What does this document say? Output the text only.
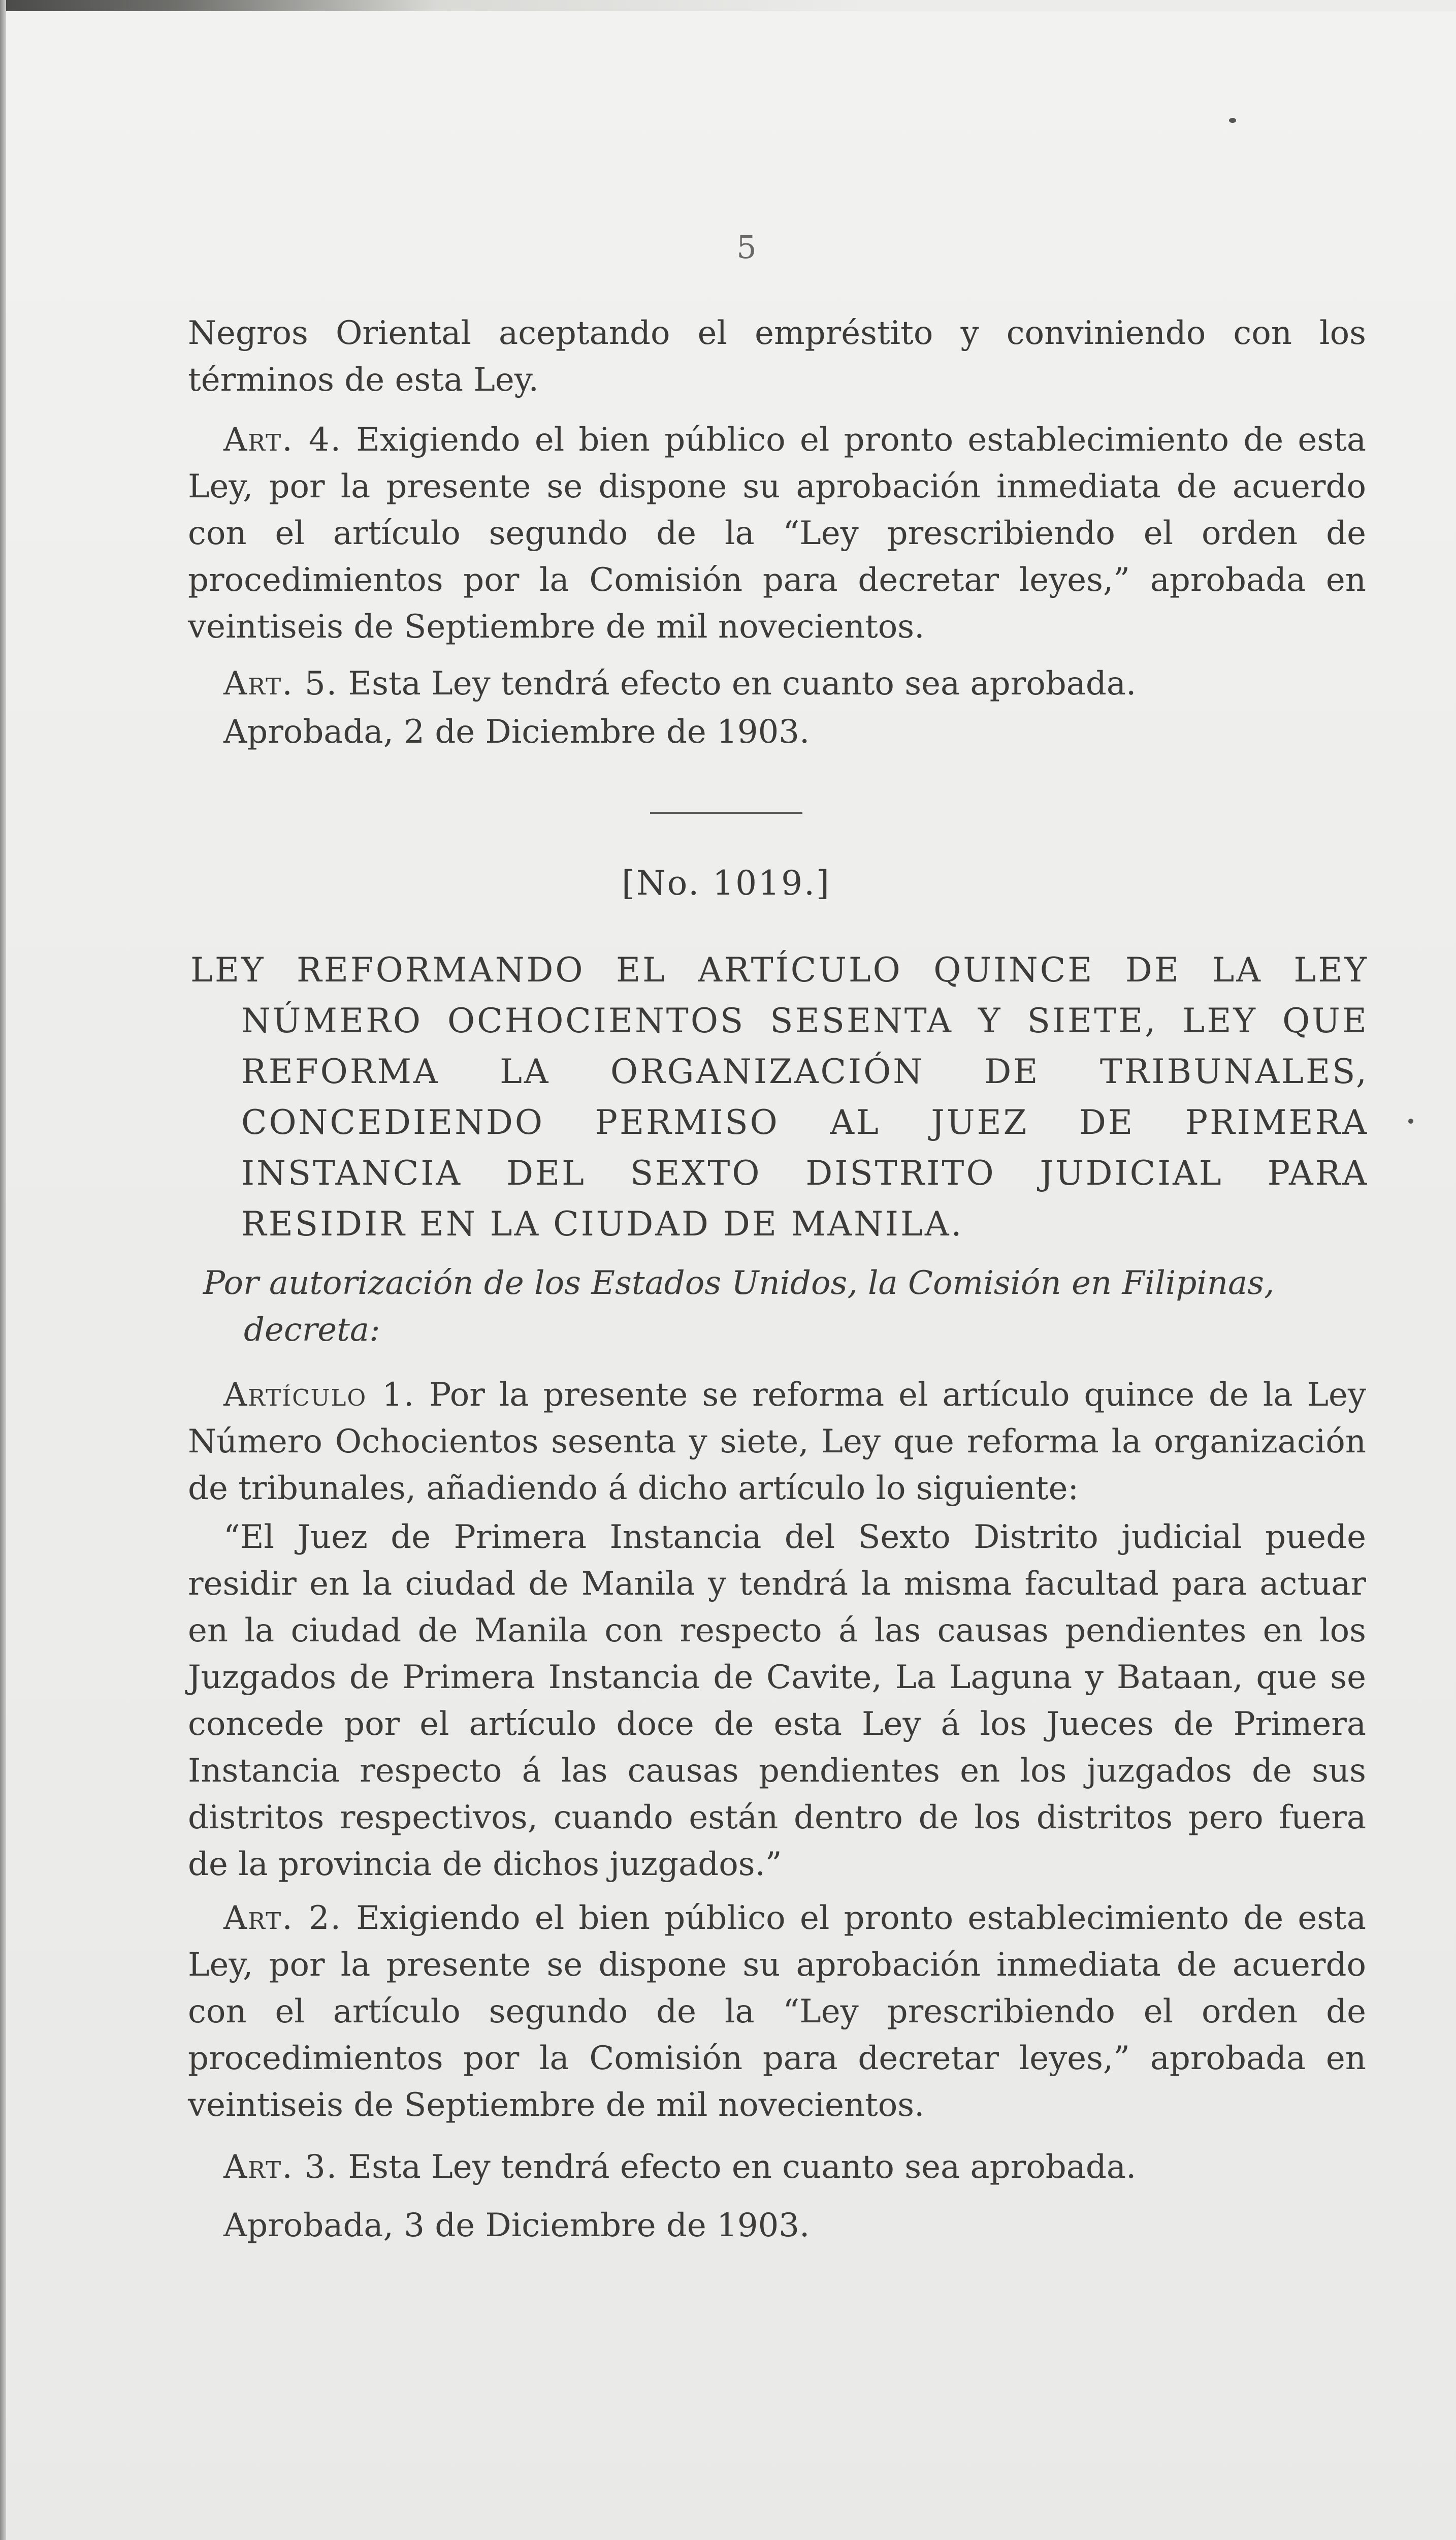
5

Negros Oriental aceptando el empréstito y conviniendo con los términos de esta Ley.

Art. 4. Exigiendo el bien público el pronto establecimiento de esta Ley, por la presente se dispone su aprobación inmediata de acuerdo con el artículo segundo de la “Ley prescribiendo el orden de procedimientos por la Comisión para decretar leyes,” aprobada en veintiseis de Septiembre de mil novecientos.

Art. 5. Esta Ley tendrá efecto en cuanto sea aprobada.

Aprobada, 2 de Diciembre de 1903.

[No. 1019.]

LEY REFORMANDO EL ARTÍCULO QUINCE DE LA LEY NÚMERO OCHOCIENTOS SESENTA Y SIETE, LEY QUE REFORMA LA ORGANIZACIÓN DE TRIBUNALES, CONCEDIENDO PERMISO AL JUEZ DE PRIMERA INSTANCIA DEL SEXTO DISTRITO JUDICIAL PARA RESIDIR EN LA CIUDAD DE MANILA.

Por autorización de los Estados Unidos, la Comisión en Filipinas, decreta:

Artículo 1. Por la presente se reforma el artículo quince de la Ley Número Ochocientos sesenta y siete, Ley que reforma la organización de tribunales, añadiendo á dicho artículo lo siguiente:

“El Juez de Primera Instancia del Sexto Distrito judicial puede residir en la ciudad de Manila y tendrá la misma facultad para actuar en la ciudad de Manila con respecto á las causas pendientes en los Juzgados de Primera Instancia de Cavite, La Laguna y Bataan, que se concede por el artículo doce de esta Ley á los Jueces de Primera Instancia respecto á las causas pendientes en los juzgados de sus distritos respectivos, cuando están dentro de los distritos pero fuera de la provincia de dichos juzgados.”

Art. 2. Exigiendo el bien público el pronto establecimiento de esta Ley, por la presente se dispone su aprobación inmediata de acuerdo con el artículo segundo de la “Ley prescribiendo el orden de procedimientos por la Comisión para decretar leyes,” aprobada en veintiseis de Septiembre de mil novecientos.

Art. 3. Esta Ley tendrá efecto en cuanto sea aprobada.

Aprobada, 3 de Diciembre de 1903.
